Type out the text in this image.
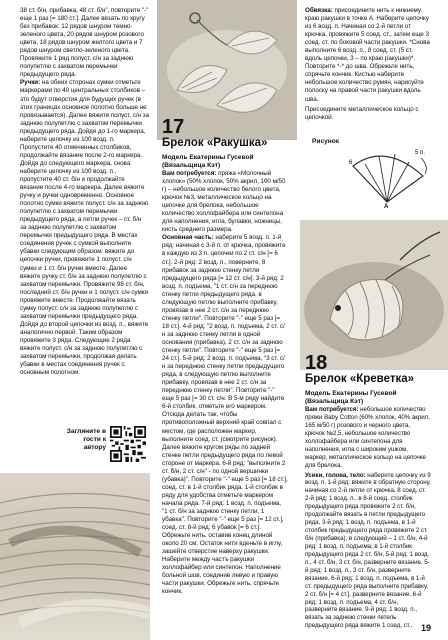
38 ст. б/н, прибавка, 48 ст. б/н", повторите "-" еще 1 раз [= 180 ст.]. Далее вязать по кругу без прибавок: 12 рядов шнуром темно-зеленого цвета, 20 рядов шнуром розового цвета, 18 рядов шнуром желтого цвета и 7 рядов шнуром светло-зеленого цвета. Провяжите 1 ряд полуст. с/н за заднюю полупетлю с захватом перемычки предыдущего ряда.

Ручки: на обеих сторонах сумки отметьте маркерами по 40 центральных столбиков – это будут отверстия для будущих ручек (в этих границах основное полотно больше не провязывается). Далее вяжите полуст. с/н за заднюю полупетлю с захватом перемычки предыдущего ряда. Дойдя до 1-го маркера, наберите цепочку из 100 возд. п. Пропустите 40 отмеченных столбиков, продолжайте вязание после 2-го маркера. Дойдя до следующего маркера, снова наберите цепочку из 100 возд. п., пропустите 40 ст. б/н и продолжайте вязание после 4-го маркера. Далее вяжите ручку и ручки одновременно. Основное полотно сумки вяжите полуст. с/н за заднюю полупетлю с захватом перемычки предыдущего ряда, а петли ручек – ст. б/н за заднюю полупетлю с захватом перемычки предыдущего ряда. В местах соединения ручек с сумкой выполните убавки следующим образом: вяжите до цепочки ручки, провяжите 1 полуст. с/н сумки и 1 ст. б/н ручки вместе. Далее вяжите ручку ст. б/н за заднюю полупетлю с захватом перемычки. Провяжите 98 ст. б/н, последний ст. б/н ручки и 1 полуст. с/н сумки провяжите вместе. Продолжайте вязать сумку полуст. с/н за заднюю полупетлю с захватом перемычки предыдущего ряда. Дойдя до второй цепочки из возд. п., вяжите аналогично первой. Таким образом провяжите 3 ряда. Следующие 2 ряда вяжите полуст. с/н за заднюю полупетлю с захватом перемычки, продолжая делать убавки в местах соединения ручек с основным полотном.

Загляните в гости к автору
17
Брелок «Ракушка»
Модель Екатерины Гусевой (Вязальщица Кэт)

Вам потребуется: пряжа «Молочный хлопок» (50% хлопок, 50% акрил, 100 м/50 г) – небольшое количество белого цвета, крючок №3, металлическое кольцо на цепочке для брелока, небольшое количество холлофайбера или синтепона для наполнения, игла, булавки, ножницы, кисть среднего размера.

Основная часть: наберите 5 возд. п. 1-й ряд: начиная с 3-й п. от крючка, провяжите в каждую из 3 п. цепочки по 2 ст. с/н [= 6 ст.]. 2-й ряд: 2 возд. п., поверните, 8 прибавок за заднюю стенку петли предыдущего ряда [= 12 ст. с/н]. 3-й ряд: 2 возд. п. подъема, "1 ст. с/н за переднюю стенку петли предыдущего ряда, в следующую петлю выполните прибавку, провязав в нее 2 ст. с/н за переднюю стенку петли". Повторите "-" еще 5 раз [= 18 ст.]. 4-й ряд: "2 возд. п. подъема, 2 ст. с/н за заднюю стенку петли в одной основания (прибавка), 2 ст. с/н за заднюю стенку петли". Повторите "-" еще 5 раз [= 24 ст.]. 5-й ряд: 2 возд. п. подъема, "3 ст. с/н за переднюю стенку петли предыдущего ряда, в следующую петлю выполните прибавку, провязав в нее 2 ст. с/н за переднюю стенку петли". Повторите "-" еще 5 раз [= 30 ст. с/н. В 5-м ряду найдите 6-й столбик, отметьте его маркером. Отсюда делать так, чтобы противоположный верхний край совпал с местом, где расположен маркер, выполните соед. ст. (смотрите рисунок). Далее вяжите кругом ряды по задней стенке петли предыдущего ряда по левой стороне от маркера. 6-й ряд: "выполните 2 ст. б/н, 2 ст. с/н" - по одной вершинки (убавка)". Повторите "-" еще 5 раз [= 18 ст.], соед. ст. в 1-й столбик ряда. 1-й столбик в ряду для удобства отметьте маркером начала ряда. 7-й ряд: 1 возд. п. подъема, "1 ст. б/н за заднюю стенку петли, 1 убавка". Повторите "-" еще 5 раз [= 12 ст.], соед. ст. 8-й ряд: 6 убавок [= 6 ст.]. Обрежьте нить, оставив конец длиной около 20 см. Остаток нити вденьте в иглу, зашейте отверстие наверху ракушки. Наберите между частъ ракушки холлофайбер или синтепон. Наполнение больной шов, соединив левую и правую части ракушки. Обрежьте нить, спрячьте кончик.

Обвязка: присоедините нить к нижнему краю ракушки в точке А. Наберите цепочку из 6 возд. п. Начиная со 2-й петли от крючка, провяжите 5 соед. ст., затем еще 3 соед. ст. по боковой части ракушки. *Снова выполните 6 возд. п., 8 соед. ст. (5 ст. вдоль цепочки, 3 – по краю ракушки)*. Повторите *-* до шва. Обрежьте нить, спрячьте кончик. Кистью наберите небольшое количество румян, нарисуйте полоску на правой части ракушки вдоль шва.

Присоедините металлическое кольцо с цепочкой.

Рисунок
5 п.
6
А
18
Брелок «Креветка»
Модель Екатерины Гусевой (Вязальщица Кэт)

Вам потребуется: небольшое количество пряжи Baby Cotton (60% хлопок, 40% акрил, 165 м/50 г) розового и черного цвета, крючок №2,5, небольшое количество холлофайбера или синтепона для наполнения, игла с широким ушком, маркер, металлическое кольцо на цепочке для брелока.

Усики, голова, тело: наберите цепочку из 9 возд. п. 1-й ряд: вяжите в обратную сторону, начиная со 2-й петли от крючка, 8 соед. ст. 2-й ряд: 1 возд. п., в 8-й соед. столбик предыдущего ряда провяжите 2 ст. б/н, продолжайте вязать в петли предыдущего ряда, 3-й ряд: 1 возд. п. подъема, в 1-й столбик предыдущего ряда провяжите 2 ст. б/н (прибавка), в следующий – 1 ст. б/н, 4-й ряд: 1 возд. п. подъема, в 1-й столбик предыдущего ряда 2 ст. б/н, 5-й ряд: 1 возд. п., 4 ст. б/н, 3 ст. б/н, разверните вязание. 5-й ряд: 1 возд. п., 3 ст. б/н, разверните вязание. 6-й ряд: 1 возд. п. подъема, в 1-й ст. предыдущего ряда выполните прибавку, 2 ст. б/н [= 4 ст.], разверните вязание. 6-й ряд: 1 возд. п. подъема, 4 ст. б/н, разверните вязание. 9-й ряд: 1 возд. п., вязать за заднюю стенки петель предыдущего ряда вяжите 1 соед. ст., 19
